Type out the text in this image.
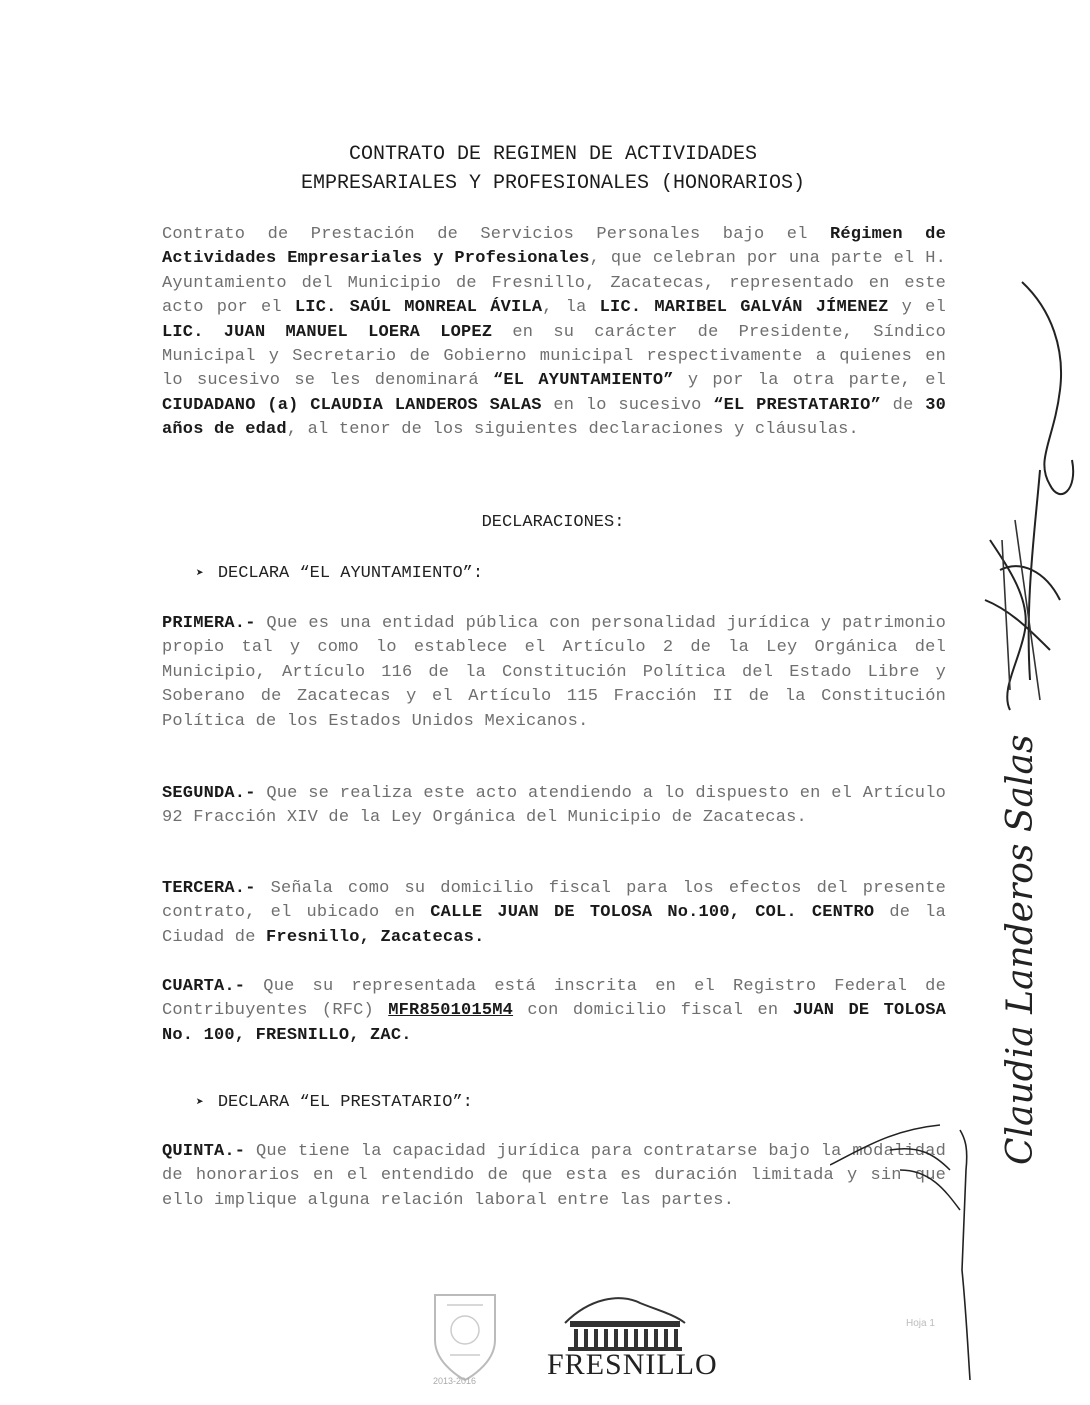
CONTRATO DE REGIMEN DE ACTIVIDADES
EMPRESARIALES Y PROFESIONALES (HONORARIOS)
Contrato de Prestación de Servicios Personales bajo el Régimen de Actividades Empresariales y Profesionales, que celebran por una parte el H. Ayuntamiento del Municipio de Fresnillo, Zacatecas, representado en este acto por el LIC. SAÚL MONREAL ÁVILA, la LIC. MARIBEL GALVÁN JÍMENEZ y el LIC. JUAN MANUEL LOERA LOPEZ en su carácter de Presidente, Síndico Municipal y Secretario de Gobierno municipal respectivamente a quienes en lo sucesivo se les denominará “EL AYUNTAMIENTO” y por la otra parte, el CIUDADANO (a) CLAUDIA LANDEROS SALAS en lo sucesivo “EL PRESTATARIO” de 30 años de edad, al tenor de los siguientes declaraciones y cláusulas.
DECLARACIONES:
➤ DECLARA “EL AYUNTAMIENTO”:
PRIMERA.- Que es una entidad pública con personalidad jurídica y patrimonio propio tal y como lo establece el Artículo 2 de la Ley Orgánica del Municipio, Artículo 116 de la Constitución Política del Estado Libre y Soberano de Zacatecas y el Artículo 115 Fracción II de la Constitución Política de los Estados Unidos Mexicanos.
SEGUNDA.- Que se realiza este acto atendiendo a lo dispuesto en el Artículo 92 Fracción XIV de la Ley Orgánica del Municipio de Zacatecas.
TERCERA.- Señala como su domicilio fiscal para los efectos del presente contrato, el ubicado en CALLE JUAN DE TOLOSA No.100, COL. CENTRO de la Ciudad de Fresnillo, Zacatecas.
CUARTA.- Que su representada está inscrita en el Registro Federal de Contribuyentes (RFC) MFR8501015M4 con domicilio fiscal en JUAN DE TOLOSA No. 100, FRESNILLO, ZAC.
➤ DECLARA “EL PRESTATARIO”:
QUINTA.- Que tiene la capacidad jurídica para contratarse bajo la modalidad de honorarios en el entendido de que esta es duración limitada y sin que ello implique alguna relación laboral entre las partes.
Claudia Landeros Salas
2013-2016 FRESNILLO
Hoja 1
